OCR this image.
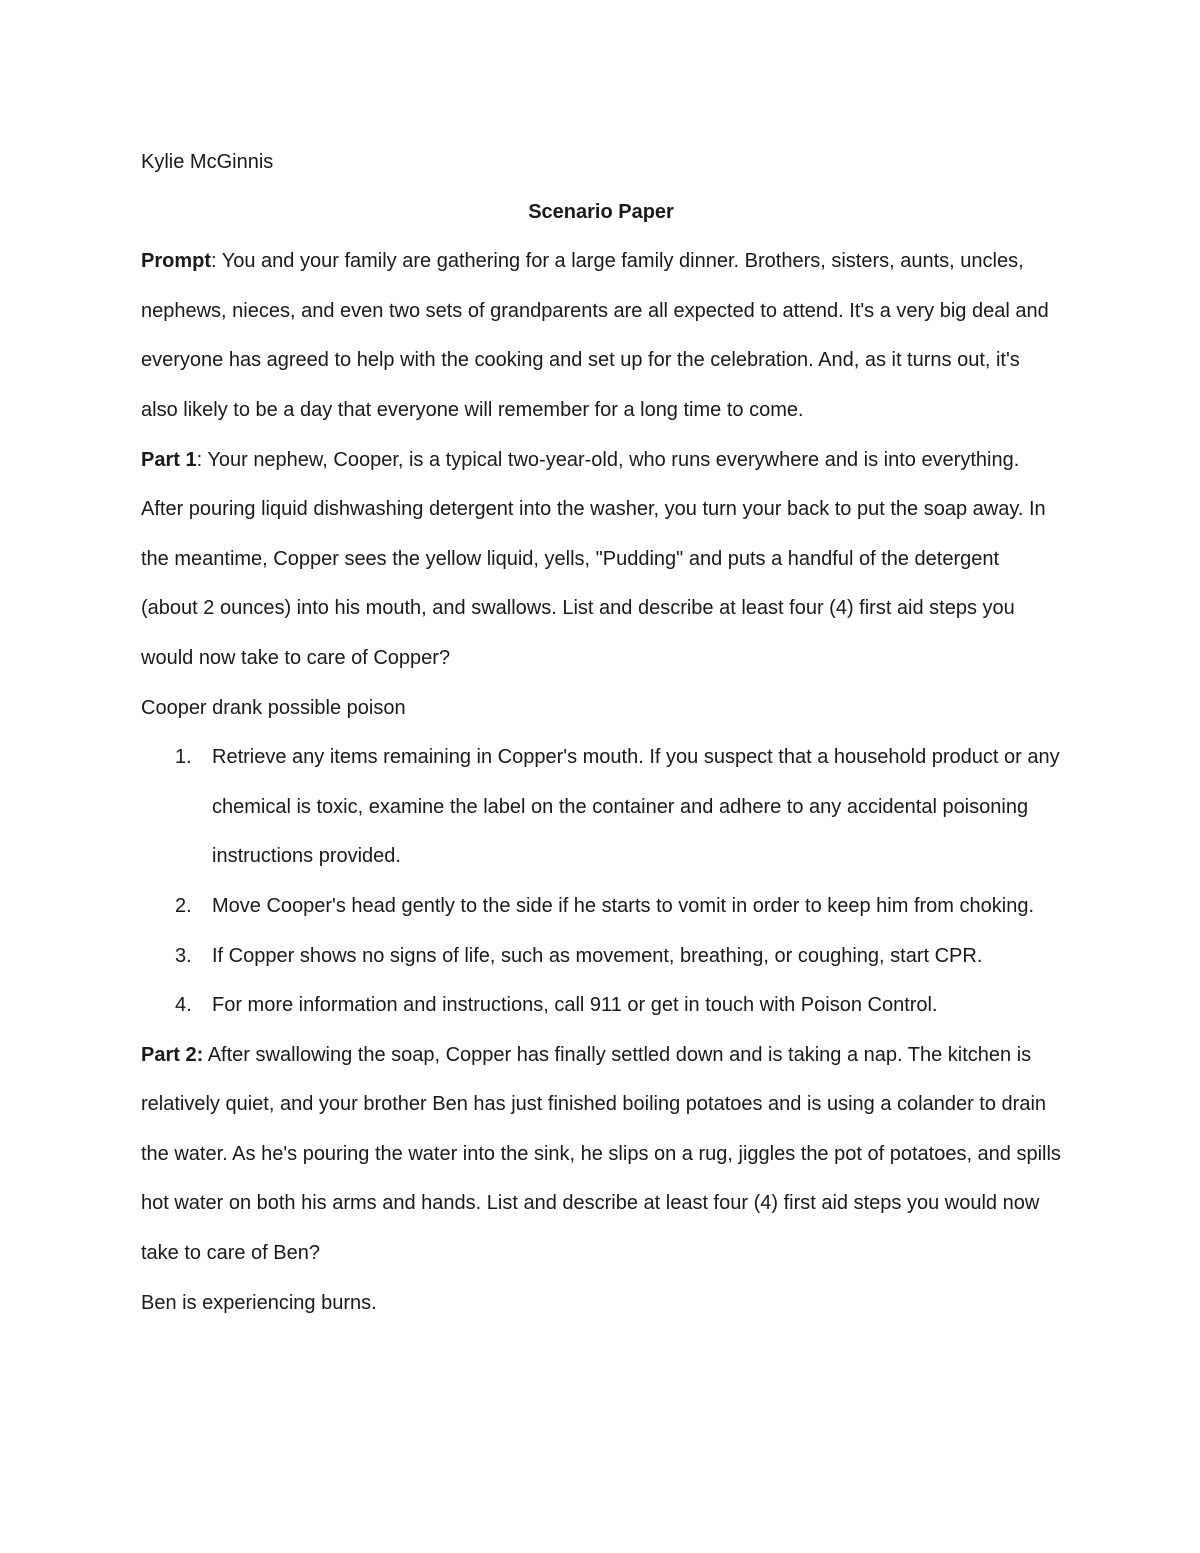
Kylie McGinnis

Scenario Paper

Prompt: You and your family are gathering for a large family dinner. Brothers, sisters, aunts, uncles, nephews, nieces, and even two sets of grandparents are all expected to attend. It's a very big deal and everyone has agreed to help with the cooking and set up for the celebration. And, as it turns out, it's also likely to be a day that everyone will remember for a long time to come.

Part 1: Your nephew, Cooper, is a typical two-year-old, who runs everywhere and is into everything. After pouring liquid dishwashing detergent into the washer, you turn your back to put the soap away. In the meantime, Copper sees the yellow liquid, yells, "Pudding" and puts a handful of the detergent (about 2 ounces) into his mouth, and swallows. List and describe at least four (4) first aid steps you would now take to care of Copper?

Cooper drank possible poison

1. Retrieve any items remaining in Copper's mouth. If you suspect that a household product or any chemical is toxic, examine the label on the container and adhere to any accidental poisoning instructions provided.
2. Move Cooper's head gently to the side if he starts to vomit in order to keep him from choking.
3. If Copper shows no signs of life, such as movement, breathing, or coughing, start CPR.
4. For more information and instructions, call 911 or get in touch with Poison Control.

Part 2: After swallowing the soap, Copper has finally settled down and is taking a nap. The kitchen is relatively quiet, and your brother Ben has just finished boiling potatoes and is using a colander to drain the water. As he's pouring the water into the sink, he slips on a rug, jiggles the pot of potatoes, and spills hot water on both his arms and hands. List and describe at least four (4) first aid steps you would now take to care of Ben?

Ben is experiencing burns.
